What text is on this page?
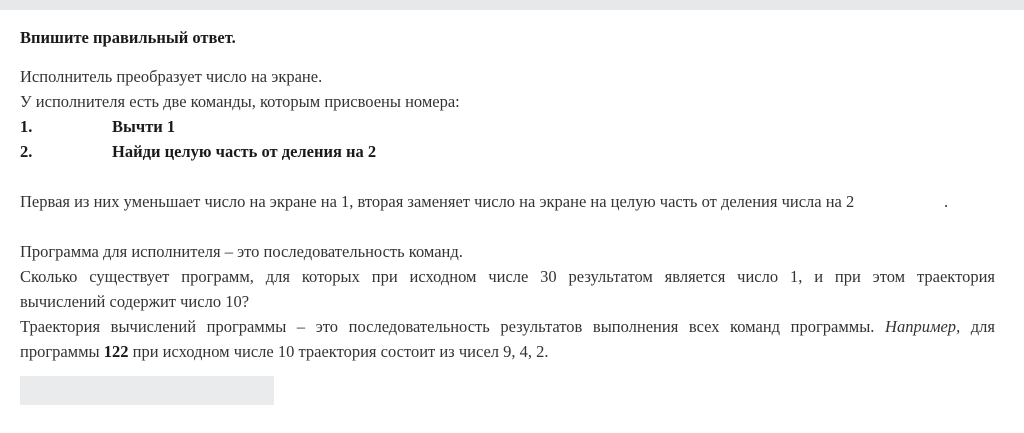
Впишите правильный ответ.
Исполнитель преобразует число на экране.
У исполнителя есть две команды, которым присвоены номера:
1.	Вычти 1
2.	Найди целую часть от деления на 2
Первая из них уменьшает число на экране на 1, вторая заменяет число на экране на целую часть от деления числа на 2	.
Программа для исполнителя – это последовательность команд.
Сколько существует программ, для которых при исходном числе 30 результатом является число 1, и при этом траектория
вычислений содержит число 10?
Траектория вычислений программы – это последовательность результатов выполнения всех команд программы. Например, для
программы 122 при исходном числе 10 траектория состоит из чисел 9, 4, 2.
